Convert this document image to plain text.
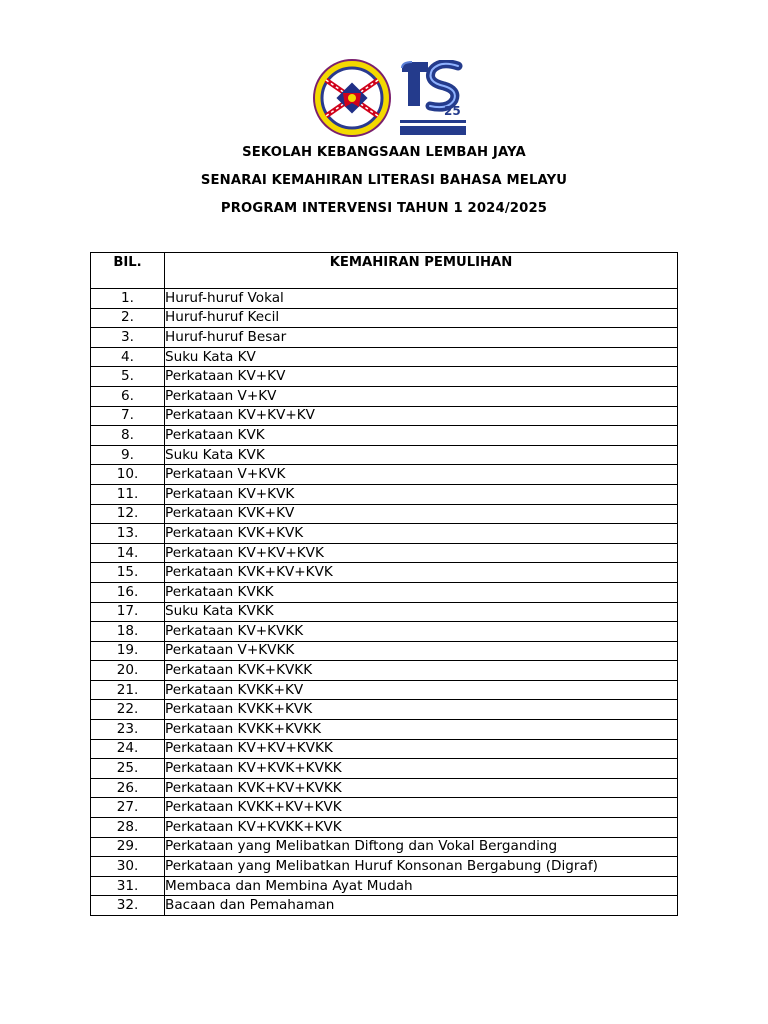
25
SEKOLAH KEBANGSAAN LEMBAH JAYA
SENARAI KEMAHIRAN LITERASI BAHASA MELAYU
PROGRAM INTERVENSI TAHUN 1 2024/2025
BIL.	KEMAHIRAN PEMULIHAN
1.	Huruf-huruf Vokal
2.	Huruf-huruf Kecil
3.	Huruf-huruf Besar
4.	Suku Kata KV
5.	Perkataan KV+KV
6.	Perkataan V+KV
7.	Perkataan KV+KV+KV
8.	Perkataan KVK
9.	Suku Kata KVK
10.	Perkataan V+KVK
11.	Perkataan KV+KVK
12.	Perkataan KVK+KV
13.	Perkataan KVK+KVK
14.	Perkataan KV+KV+KVK
15.	Perkataan KVK+KV+KVK
16.	Perkataan KVKK
17.	Suku Kata KVKK
18.	Perkataan KV+KVKK
19.	Perkataan V+KVKK
20.	Perkataan KVK+KVKK
21.	Perkataan KVKK+KV
22.	Perkataan KVKK+KVK
23.	Perkataan KVKK+KVKK
24.	Perkataan KV+KV+KVKK
25.	Perkataan KV+KVK+KVKK
26.	Perkataan KVK+KV+KVKK
27.	Perkataan KVKK+KV+KVK
28.	Perkataan KV+KVKK+KVK
29.	Perkataan yang Melibatkan Diftong dan Vokal Berganding
30.	Perkataan yang Melibatkan Huruf Konsonan Bergabung (Digraf)
31.	Membaca dan Membina Ayat Mudah
32.	Bacaan dan Pemahaman
